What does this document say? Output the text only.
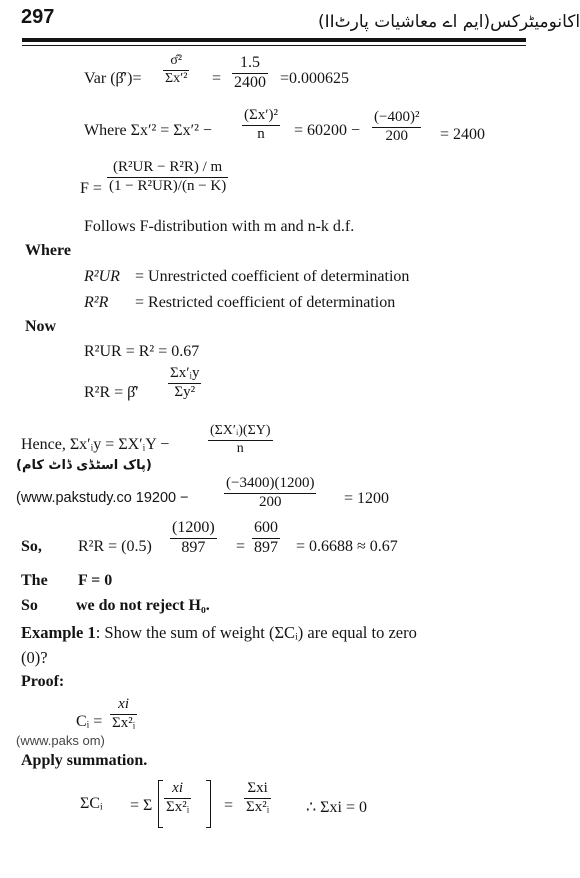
297	اکانومیٹرکس(ایم اے معاشیات پارٹII)
Var (β̂′)=
σ̂²
Σx′² =
1.5
2400 =0.000625
Where Σx′² = Σx′² −
(Σx′)²
n = 60200 −
(−400)²
200 = 2400
F =
(R²UR − R²R) / m
(1 − R²UR)/(n − K)
Follows F-distribution with m and n-k d.f.
Where
R²UR = Unrestricted coefficient of determination
R²R = Restricted coefficient of determination
Now
R²UR = R² = 0.67
R²R = β̂′
Σx′ᵢy
Σy²
Hence, Σx′ᵢy = ΣX′ᵢY −
(ΣX′ᵢ)(ΣY)
n
(پاک اسٹڈی ڈاٹ کام)
(www.pakstudy.co 19200 −
(−3400)(1200)
200	= 1200
So, R²R = (0.5)
(1200)
897 =
600
897 = 0.6688 ≈ 0.67
The F = 0
So we do not reject H₀.
Example 1: Show the sum of weight (ΣCᵢ) are equal to zero
(0)?
Proof:
Cᵢ =
xi
Σx²ᵢ
(www.paks om)
Apply summation.
ΣCᵢ = Σ
xi
Σx²ᵢ =
Σxi
Σx²ᵢ ∴ Σxi = 0
